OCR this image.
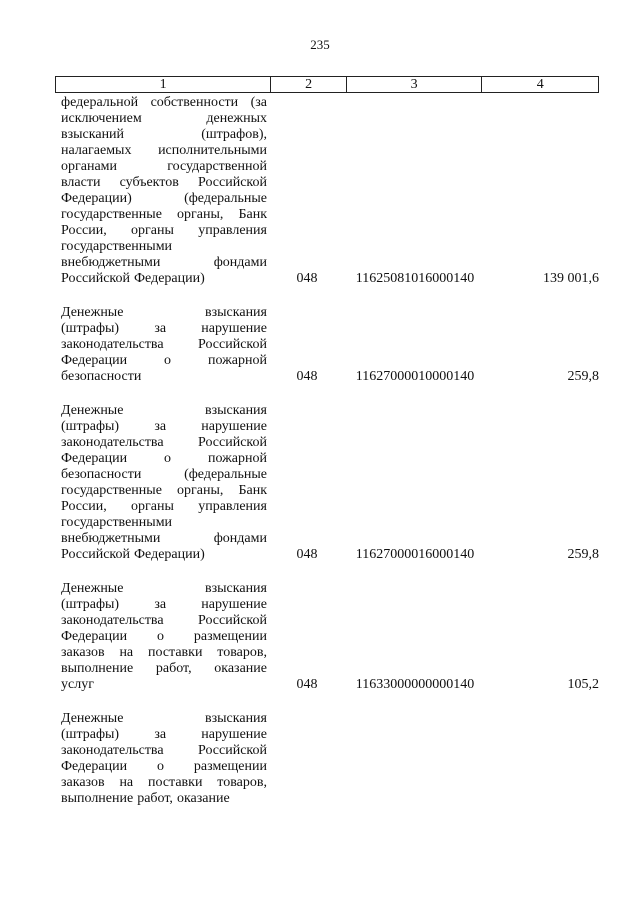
235
1	2	3	4
федеральной собственности (за
исключением	денежных
взысканий	(штрафов),
налагаемых исполнительными
органами	государственной
власти субъектов Российской
Федерации)	(федеральные
государственные органы, Банк
России, органы управления
государственными
внебюджетными	фондами
Российской Федерации)	048	11625081016000140	139 001,6
Денежные	взыскания
(штрафы)	за	нарушение
законодательства Российской
Федерации	о	пожарной
безопасности	048	11627000010000140	259,8
Денежные	взыскания
(штрафы)	за	нарушение
законодательства Российской
Федерации	о	пожарной
безопасности	(федеральные
государственные органы, Банк
России, органы управления
государственными
внебюджетными	фондами
Российской Федерации)	048	11627000016000140	259,8
Денежные	взыскания
(штрафы)	за	нарушение
законодательства Российской
Федерации о размещении
заказов на поставки товаров,
выполнение работ, оказание
услуг	048	11633000000000140	105,2
Денежные	взыскания
(штрафы)	за	нарушение
законодательства Российской
Федерации о размещении
заказов на поставки товаров,
выполнение работ, оказание
